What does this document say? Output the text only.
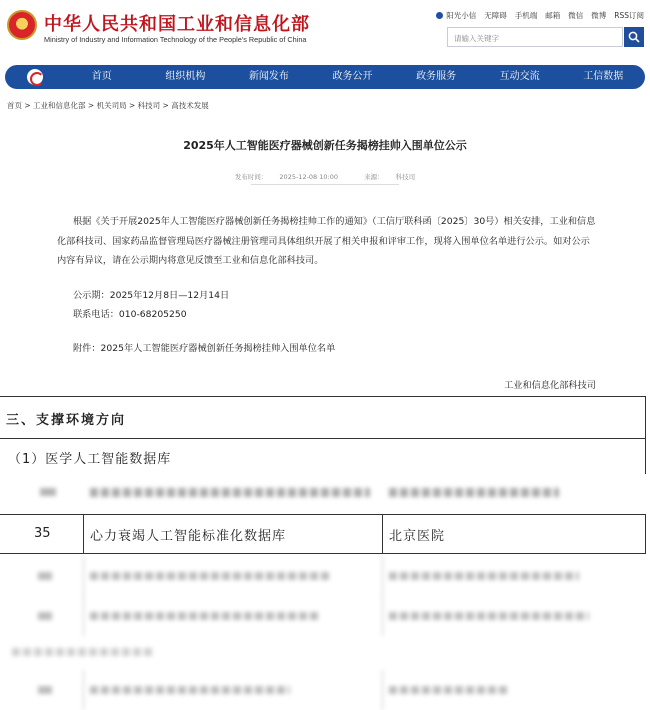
中华人民共和国工业和信息化部
Ministry of Industry and Information Technology of the People's Republic of China
阳光小信 无障碍 手机端 邮箱 微信 微博 RSS订阅
请输入关键字
首页	组织机构	新闻发布	政务公开	政务服务	互动交流	工信数据
首页 > 工业和信息化部 > 机关司局 > 科技司 > 高技术发展
2025年人工智能医疗器械创新任务揭榜挂帅入围单位公示
发布时间： 2025-12-08 10:00	来源： 科技司
根据《关于开展2025年人工智能医疗器械创新任务揭榜挂帅工作的通知》（工信厅联科函〔2025〕30号）相关安排，工业和信息化部科技司、国家药品监督管理局医疗器械注册管理司具体组织开展了相关申报和评审工作，现将入围单位名单进行公示。如对公示内容有异议，请在公示期内将意见反馈至工业和信息化部科技司。
公示期：2025年12月8日—12月14日
联系电话：010-68205250
附件：2025年人工智能医疗器械创新任务揭榜挂帅入围单位名单
工业和信息化部科技司
三、支撑环境方向
（1）医学人工智能数据库
35	心力衰竭人工智能标准化数据库	北京医院
